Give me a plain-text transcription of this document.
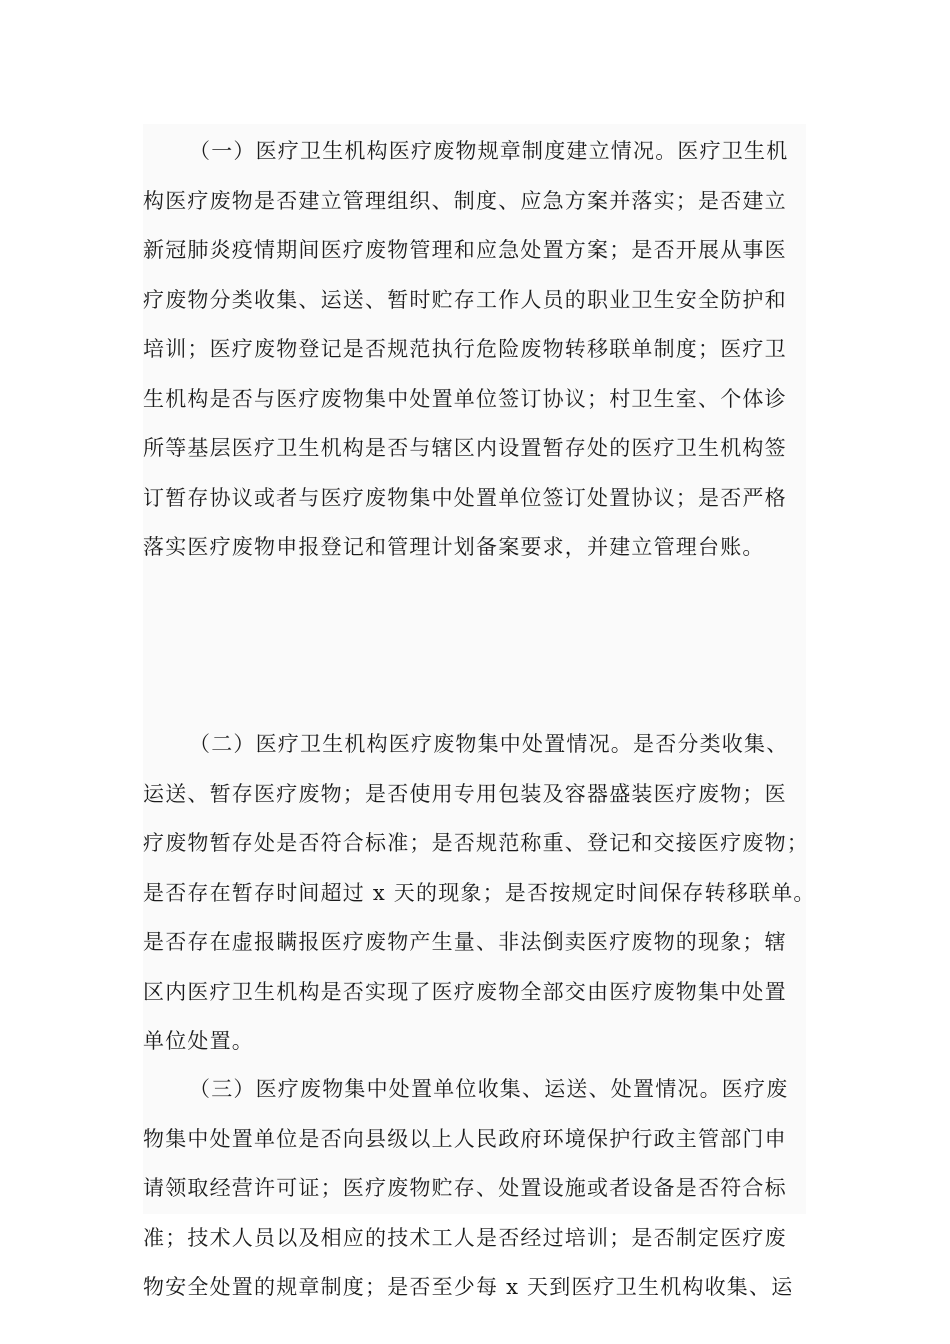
（一）医疗卫生机构医疗废物规章制度建立情况。医疗卫生机
构医疗废物是否建立管理组织、制度、应急方案并落实；是否建立
新冠肺炎疫情期间医疗废物管理和应急处置方案；是否开展从事医
疗废物分类收集、运送、暂时贮存工作人员的职业卫生安全防护和
培训；医疗废物登记是否规范执行危险废物转移联单制度；医疗卫
生机构是否与医疗废物集中处置单位签订协议；村卫生室、个体诊
所等基层医疗卫生机构是否与辖区内设置暂存处的医疗卫生机构签
订暂存协议或者与医疗废物集中处置单位签订处置协议；是否严格
落实医疗废物申报登记和管理计划备案要求，并建立管理台账。
（二）医疗卫生机构医疗废物集中处置情况。是否分类收集、
运送、暂存医疗废物；是否使用专用包装及容器盛装医疗废物；医
疗废物暂存处是否符合标准；是否规范称重、登记和交接医疗废物；
是否存在暂存时间超过 x 天的现象；是否按规定时间保存转移联单。
是否存在虚报瞒报医疗废物产生量、非法倒卖医疗废物的现象；辖
区内医疗卫生机构是否实现了医疗废物全部交由医疗废物集中处置
单位处置。
（三）医疗废物集中处置单位收集、运送、处置情况。医疗废
物集中处置单位是否向县级以上人民政府环境保护行政主管部门申
请领取经营许可证；医疗废物贮存、处置设施或者设备是否符合标
准；技术人员以及相应的技术工人是否经过培训；是否制定医疗废
物安全处置的规章制度；是否至少每 x 天到医疗卫生机构收集、运
